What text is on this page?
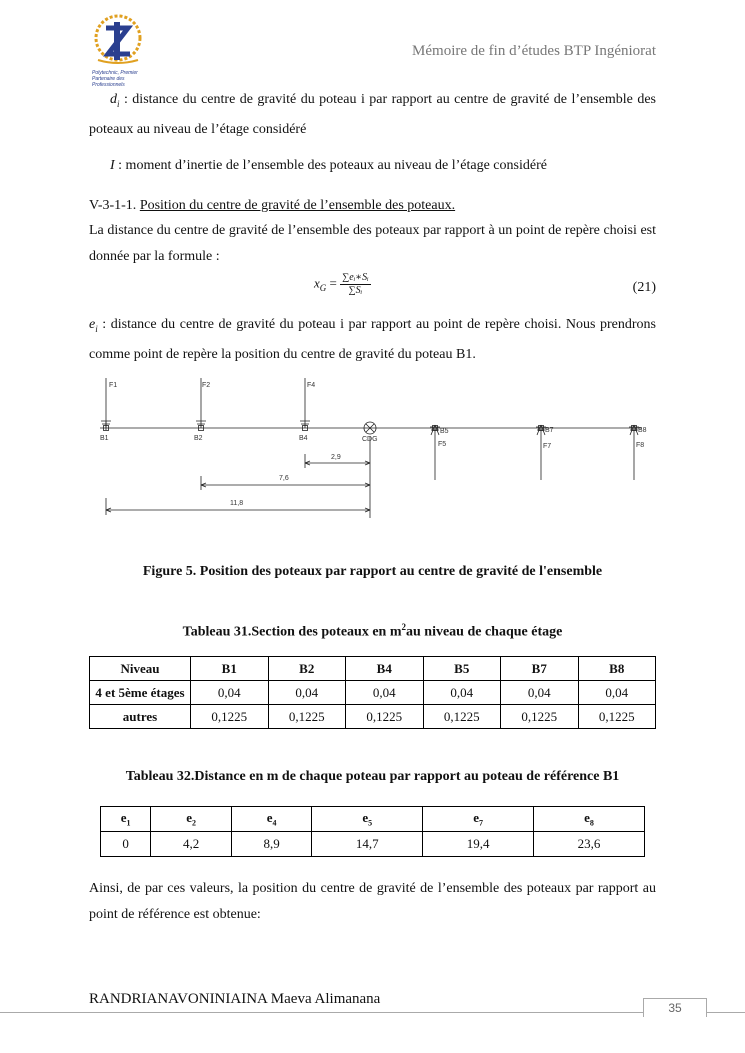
Polytechnic, Premier Partenaire des Professionnels
Mémoire de fin d’études BTP Ingéniorat
$d_i$ : distance du centre de gravité du poteau i par rapport au centre de gravité de l’ensemble des poteaux au niveau de l’étage considéré
I : moment d’inertie de l’ensemble des poteaux au niveau de l’étage considéré
V-3-1-1. Position du centre de gravité de l’ensemble des poteaux.
La distance du centre de gravité de l’ensemble des poteaux par rapport à un point de repère choisi est donnée par la formule :
$x_G = \frac{\text{∑eᵢ∗Sᵢ}}{\text{∑Sᵢ}}$	(21)
$e_i$ : distance du centre de gravité du poteau i par rapport au point de repère choisi. Nous prendrons comme point de repère la position du centre de gravité du poteau B1.
F1	F2	F4
B1	B2	B4	CDG
B5
F5
B7
F7
B8
F8
2,9
7,6
11,8
Figure 5. Position des poteaux par rapport au centre de gravité de l'ensemble
Tableau 31.Section des poteaux en $m^2au$ niveau de chaque étage
Niveau	B1	B2	B4	B5	B7	B8
4 et 5ème étages	0,04	0,04	0,04	0,04	0,04	0,04
autres	0,1225	0,1225	0,1225	0,1225	0,1225	0,1225
Tableau 32.Distance en m de chaque poteau par rapport au poteau de référence B1
$e_1$	$e_2$	$e_4$	$e_5$	$e_7$	$e_8$
0	4,2	8,9	14,7	19,4	23,6
Ainsi, de par ces valeurs, la position du centre de gravité de l’ensemble des poteaux par rapport au point de référence est obtenue:
RANDRIANAVONINIAINA Maeva Alimanana
35
